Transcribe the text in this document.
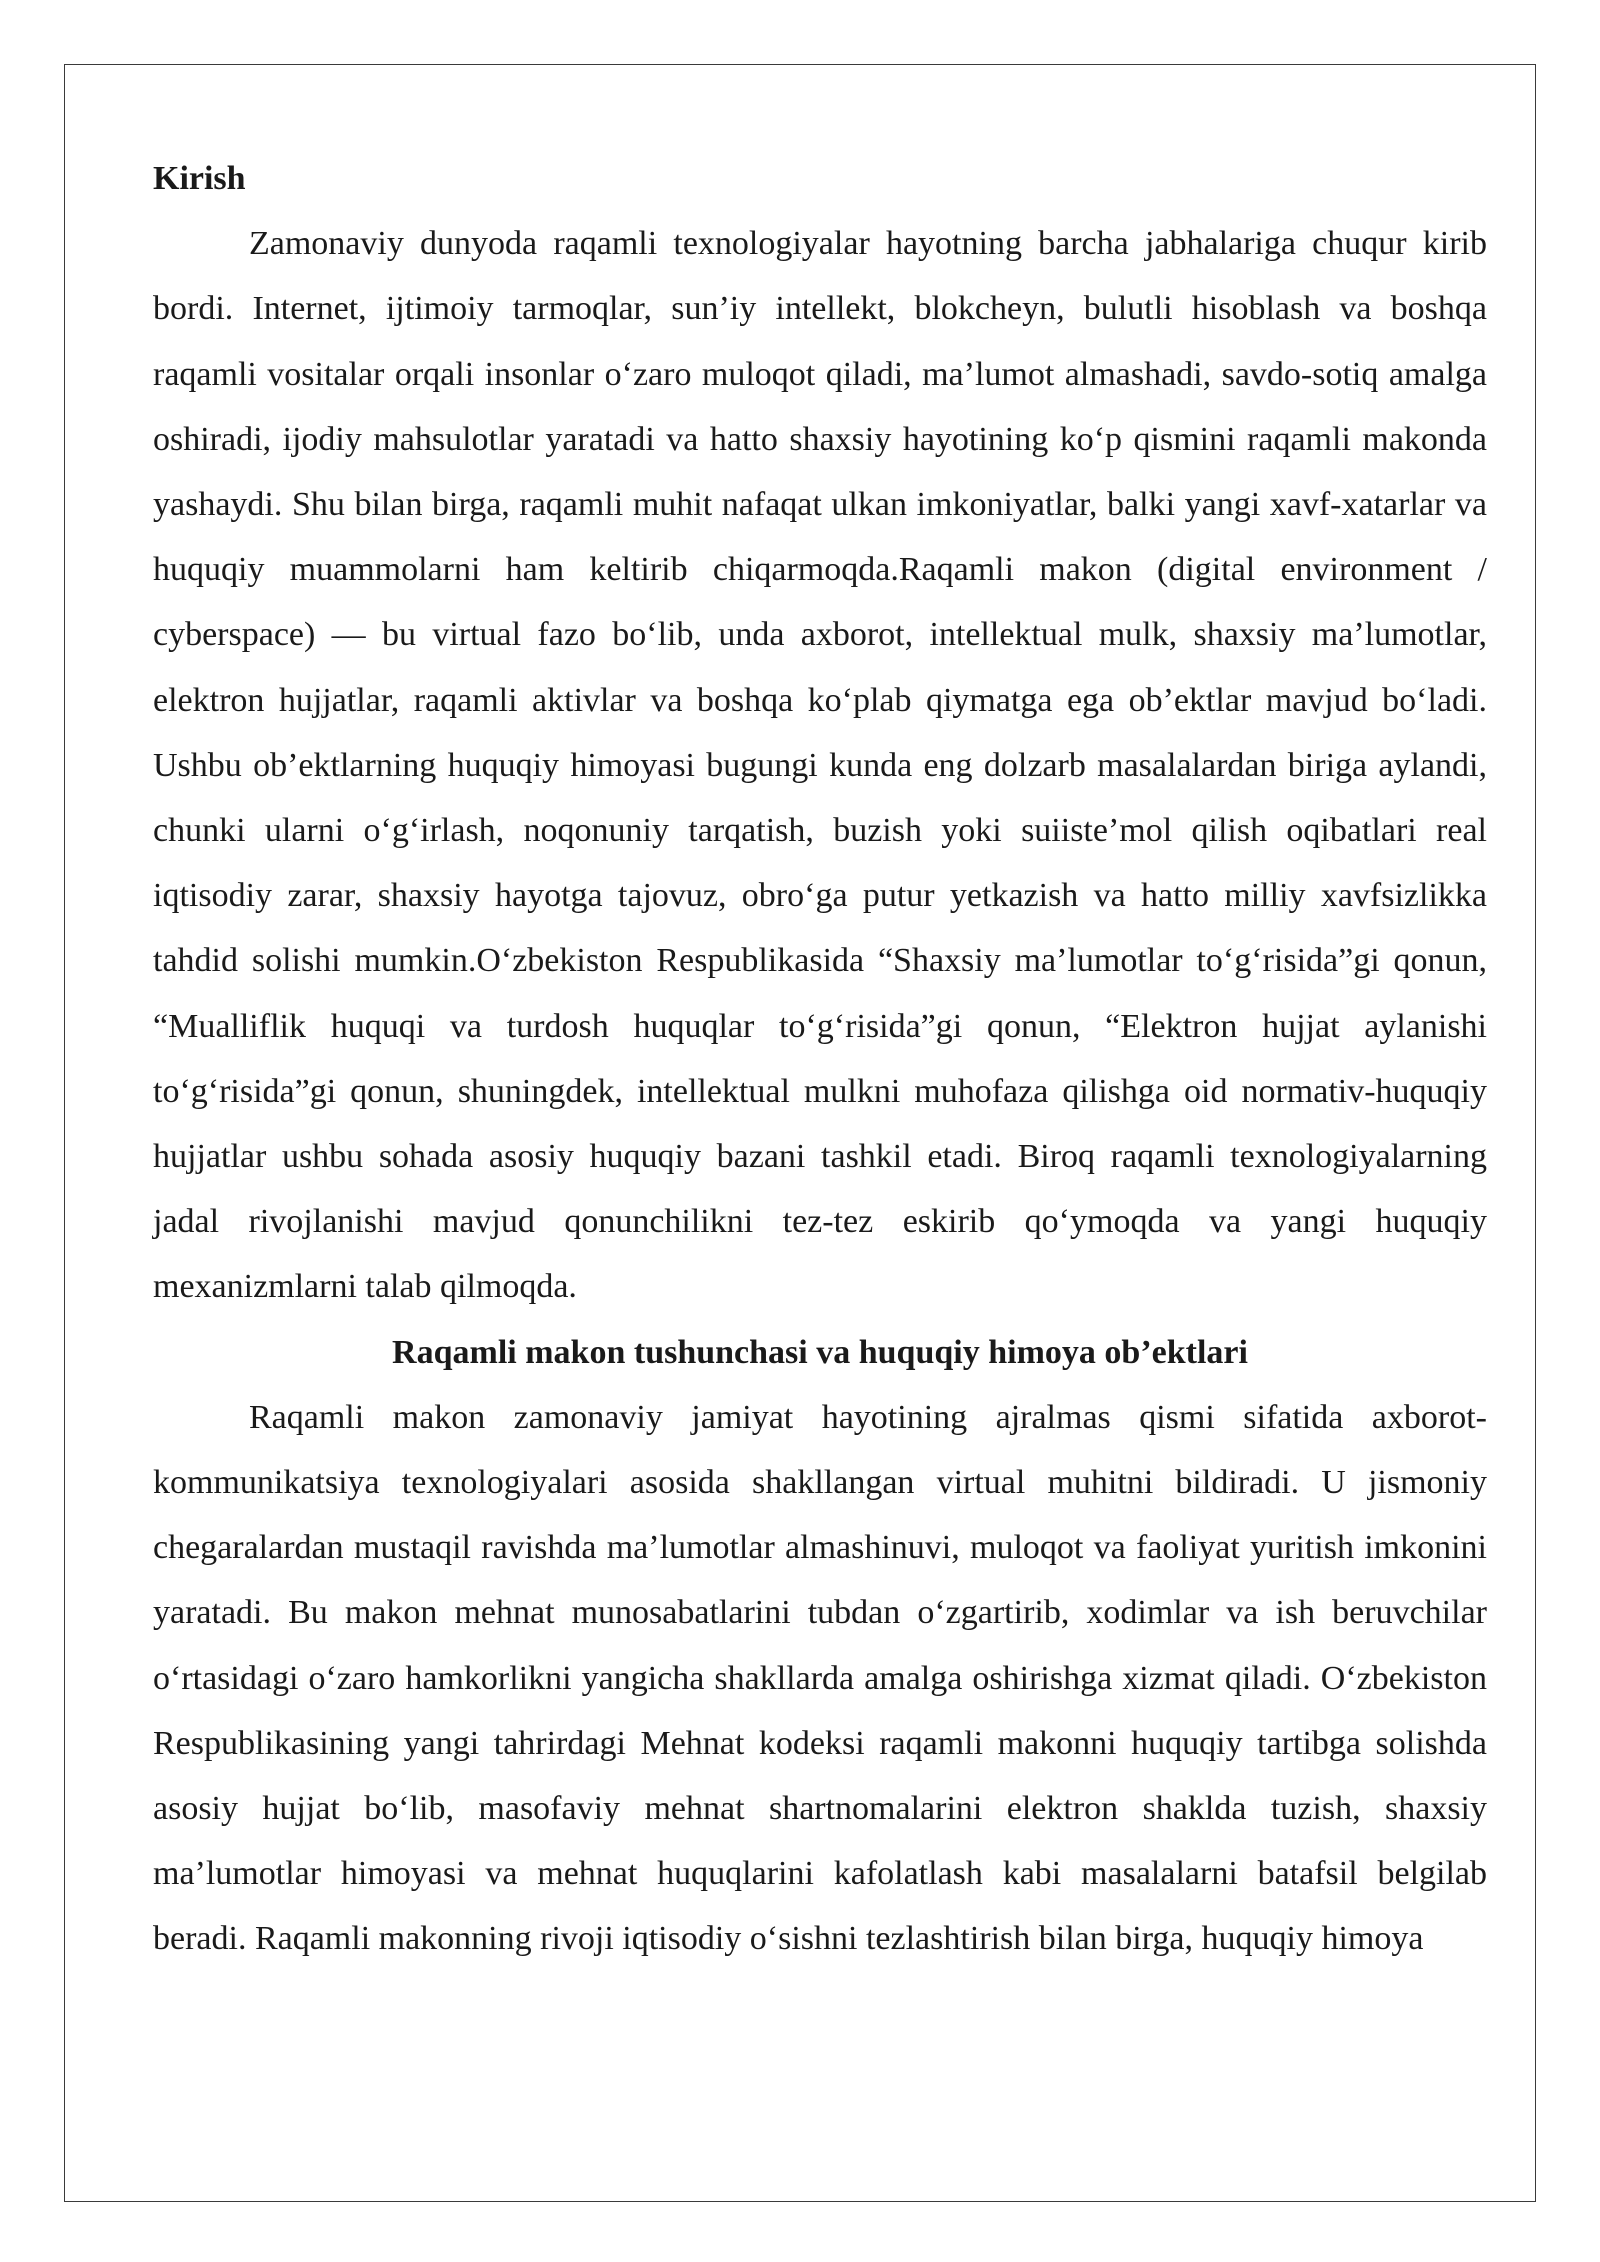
Kirish

Zamonaviy dunyoda raqamli texnologiyalar hayotning barcha jabhalariga chuqur kirib bordi. Internet, ijtimoiy tarmoqlar, sun’iy intellekt, blokcheyn, bulutli hisoblash va boshqa raqamli vositalar orqali insonlar o‘zaro muloqot qiladi, ma’lumot almashadi, savdo-sotiq amalga oshiradi, ijodiy mahsulotlar yaratadi va hatto shaxsiy hayotining ko‘p qismini raqamli makonda yashaydi. Shu bilan birga, raqamli muhit nafaqat ulkan imkoniyatlar, balki yangi xavf-xatarlar va huquqiy muammolarni ham keltirib chiqarmoqda.Raqamli makon (digital environment / cyberspace) — bu virtual fazo bo‘lib, unda axborot, intellektual mulk, shaxsiy ma’lumotlar, elektron hujjatlar, raqamli aktivlar va boshqa ko‘plab qiymatga ega ob’ektlar mavjud bo‘ladi. Ushbu ob’ektlarning huquqiy himoyasi bugungi kunda eng dolzarb masalalardan biriga aylandi, chunki ularni o‘g‘irlash, noqonuniy tarqatish, buzish yoki suiiste’mol qilish oqibatlari real iqtisodiy zarar, shaxsiy hayotga tajovuz, obro‘ga putur yetkazish va hatto milliy xavfsizlikka tahdid solishi mumkin.O‘zbekiston Respublikasida “Shaxsiy ma’lumotlar to‘g‘risida”gi qonun, “Mualliflik huquqi va turdosh huquqlar to‘g‘risida”gi qonun, “Elektron hujjat aylanishi to‘g‘risida”gi qonun, shuningdek, intellektual mulkni muhofaza qilishga oid normativ-huquqiy hujjatlar ushbu sohada asosiy huquqiy bazani tashkil etadi. Biroq raqamli texnologiyalarning jadal rivojlanishi mavjud qonunchilikni tez-tez eskirib qo‘ymoqda va yangi huquqiy mexanizmlarni talab qilmoqda.

Raqamli makon tushunchasi va huquqiy himoya ob’ektlari

Raqamli makon zamonaviy jamiyat hayotining ajralmas qismi sifatida axborot-kommunikatsiya texnologiyalari asosida shakllangan virtual muhitni bildiradi. U jismoniy chegaralardan mustaqil ravishda ma’lumotlar almashinuvi, muloqot va faoliyat yuritish imkonini yaratadi. Bu makon mehnat munosabatlarini tubdan o‘zgartirib, xodimlar va ish beruvchilar o‘rtasidagi o‘zaro hamkorlikni yangicha shakllarda amalga oshirishga xizmat qiladi. O‘zbekiston Respublikasining yangi tahrirdagi Mehnat kodeksi raqamli makonni huquqiy tartibga solishda asosiy hujjat bo‘lib, masofaviy mehnat shartnomalarini elektron shaklda tuzish, shaxsiy ma’lumotlar himoyasi va mehnat huquqlarini kafolatlash kabi masalalarni batafsil belgilab beradi. Raqamli makonning rivoji iqtisodiy o‘sishni tezlashtirish bilan birga, huquqiy himoya
